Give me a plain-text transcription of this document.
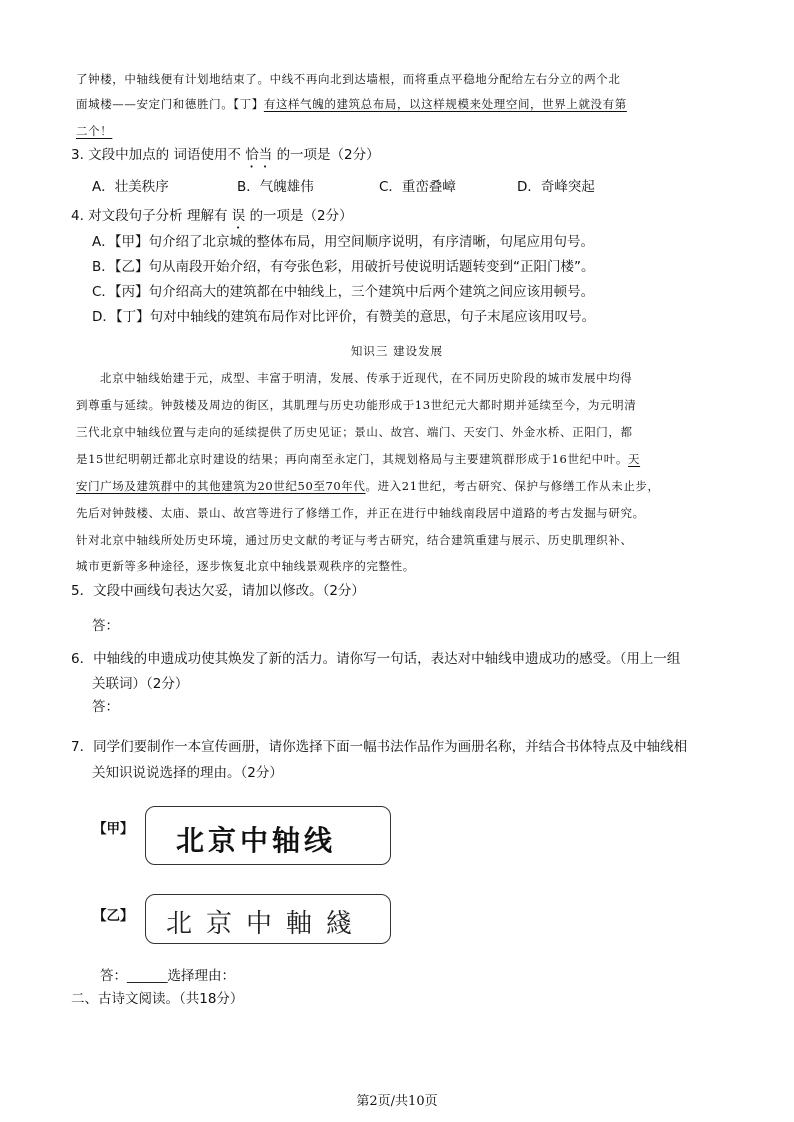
了钟楼，中轴线便有计划地结束了。中线不再向北到达墙根，而将重点平稳地分配给左右分立的两个北
面城楼——安定门和德胜门。【丁】有这样气魄的建筑总布局，以这样规模来处理空间，世界上就没有第
二个！
3. 文段中加点的 词语使用不 恰当 的一项是（2分）
A．壮美秩序	B．气魄雄伟	C．重峦叠嶂	D．奇峰突起
4. 对文段句子分析 理解有 误 的一项是（2分）
A．【甲】句介绍了北京城的整体布局，用空间顺序说明，有序清晰，句尾应用句号。
B．【乙】句从南段开始介绍，有夸张色彩，用破折号使说明话题转变到“正阳门楼”。
C．【丙】句介绍高大的建筑都在中轴线上，三个建筑中后两个建筑之间应该用顿号。
D．【丁】句对中轴线的建筑布局作对比评价，有赞美的意思，句子末尾应该用叹号。
知识三 建设发展
北京中轴线始建于元，成型、丰富于明清，发展、传承于近现代，在不同历史阶段的城市发展中均得
到尊重与延续。钟鼓楼及周边的街区，其肌理与历史功能形成于13世纪元大都时期并延续至今，为元明清
三代北京中轴线位置与走向的延续提供了历史见证；景山、故宫、端门、天安门、外金水桥、正阳门，都
是15世纪明朝迁都北京时建设的结果；再向南至永定门，其规划格局与主要建筑群形成于16世纪中叶。天
安门广场及建筑群中的其他建筑为20世纪50至70年代。进入21世纪，考古研究、保护与修缮工作从未止步，
先后对钟鼓楼、太庙、景山、故宫等进行了修缮工作，并正在进行中轴线南段居中道路的考古发掘与研究。
针对北京中轴线所处历史环境，通过历史文献的考证与考古研究，结合建筑重建与展示、历史肌理织补、
城市更新等多种途径，逐步恢复北京中轴线景观秩序的完整性。
5．文段中画线句表达欠妥，请加以修改。（2分）
答：
6．中轴线的申遗成功使其焕发了新的活力。请你写一句话，表达对中轴线申遗成功的感受。（用上一组
关联词）（2分）
答：
7．同学们要制作一本宣传画册，请你选择下面一幅书法作品作为画册名称，并结合书体特点及中轴线相
关知识说说选择的理由。（2分）
【甲】 北京中轴线
【乙】 北京中軸綫
答：______选择理由：
二、古诗文阅读。（共18分）
第2页/共10页
